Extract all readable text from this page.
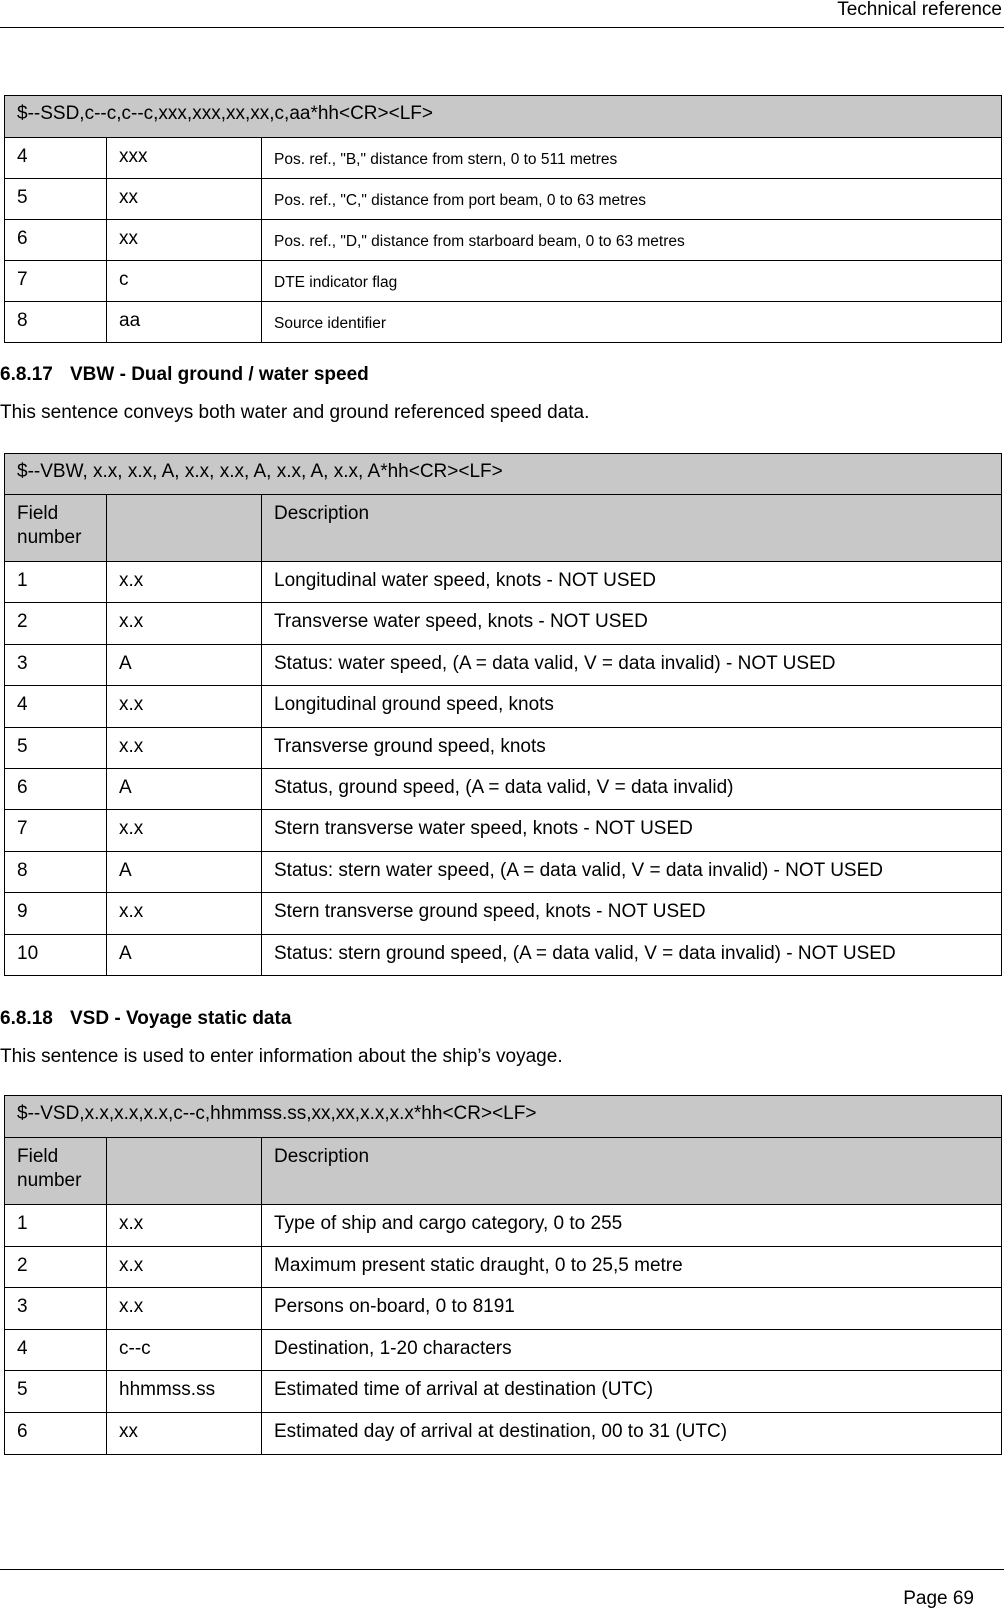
Technical reference
$--SSD,c--c,c--c,xxx,xxx,xx,xx,c,aa*hh<CR><LF>		
4	xxx	Pos. ref., "B," distance from stern, 0 to 511 metres
5	xx	Pos. ref., "C," distance from port beam, 0 to 63 metres
6	xx	Pos. ref., "D," distance from starboard beam, 0 to 63 metres
7	c	DTE indicator flag
8	aa	Source identifier
6.8.17 VBW - Dual ground / water speed
This sentence conveys both water and ground referenced speed data.
$--VBW, x.x, x.x, A, x.x, x.x, A, x.x, A, x.x, A*hh<CR><LF>		
Field number		Description
1	x.x	Longitudinal water speed, knots - NOT USED
2	x.x	Transverse water speed, knots - NOT USED
3	A	Status: water speed, (A = data valid, V = data invalid) - NOT USED
4	x.x	Longitudinal ground speed, knots
5	x.x	Transverse ground speed, knots
6	A	Status, ground speed, (A = data valid, V = data invalid)
7	x.x	Stern transverse water speed, knots - NOT USED
8	A	Status: stern water speed, (A = data valid, V = data invalid) - NOT USED
9	x.x	Stern transverse ground speed, knots - NOT USED
10	A	Status: stern ground speed, (A = data valid, V = data invalid) - NOT USED
6.8.18 VSD - Voyage static data
This sentence is used to enter information about the ship’s voyage.
$--VSD,x.x,x.x,x.x,c--c,hhmmss.ss,xx,xx,x.x,x.x*hh<CR><LF>		
Field number		Description
1	x.x	Type of ship and cargo category, 0 to 255
2	x.x	Maximum present static draught, 0 to 25,5 metre
3	x.x	Persons on-board, 0 to 8191
4	c--c	Destination, 1-20 characters
5	hhmmss.ss	Estimated time of arrival at destination (UTC)
6	xx	Estimated day of arrival at destination, 00 to 31 (UTC)
Page 69
